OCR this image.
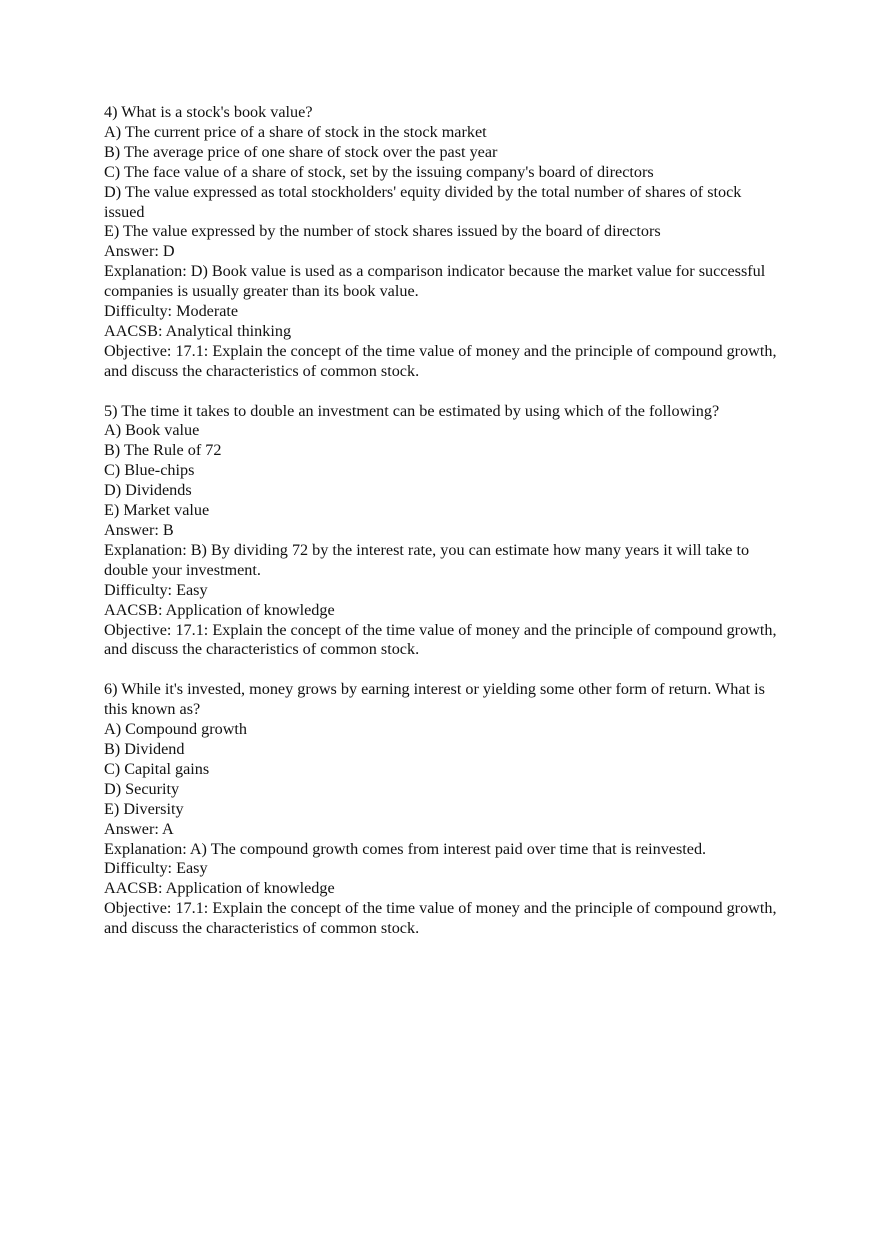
4) What is a stock's book value?

A) The current price of a share of stock in the stock market

B) The average price of one share of stock over the past year

C) The face value of a share of stock, set by the issuing company's board of directors

D) The value expressed as total stockholders' equity divided by the total number of shares of stock issued

E) The value expressed by the number of stock shares issued by the board of directors

Answer: D

Explanation: D) Book value is used as a comparison indicator because the market value for successful companies is usually greater than its book value.

Difficulty: Moderate

AACSB: Analytical thinking

Objective: 17.1: Explain the concept of the time value of money and the principle of compound growth, and discuss the characteristics of common stock.

5) The time it takes to double an investment can be estimated by using which of the following?

A) Book value

B) The Rule of 72

C) Blue-chips

D) Dividends

E) Market value

Answer: B

Explanation: B) By dividing 72 by the interest rate, you can estimate how many years it will take to double your investment.

Difficulty: Easy

AACSB: Application of knowledge

Objective: 17.1: Explain the concept of the time value of money and the principle of compound growth, and discuss the characteristics of common stock.

6) While it's invested, money grows by earning interest or yielding some other form of return. What is this known as?

A) Compound growth

B) Dividend

C) Capital gains

D) Security

E) Diversity

Answer: A

Explanation: A) The compound growth comes from interest paid over time that is reinvested.

Difficulty: Easy

AACSB: Application of knowledge

Objective: 17.1: Explain the concept of the time value of money and the principle of compound growth, and discuss the characteristics of common stock.
